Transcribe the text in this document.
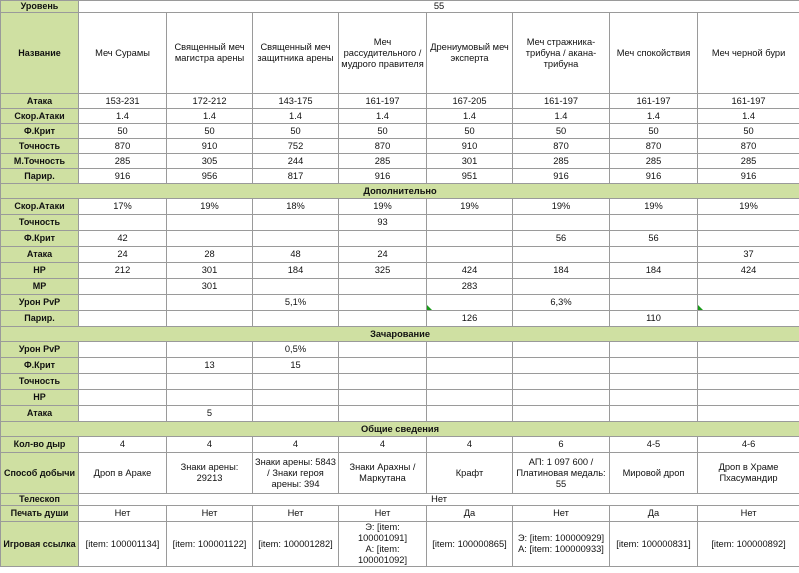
Уровень	55							
Название	Меч Сурамы	Священный меч магистра арены	Священный меч защитника арены	Меч рассудительного / мудрого правителя	Дрениумовый меч эксперта	Меч стражника-трибуна / акана-трибуна	Меч спокойствия	Меч черной бури
Атака	153-231	172-212	143-175	161-197	167-205	161-197	161-197	161-197
Скор.Атаки	1.4	1.4	1.4	1.4	1.4	1.4	1.4	1.4
Ф.Крит	50	50	50	50	50	50	50	50
Точность	870	910	752	870	910	870	870	870
М.Точность	285	305	244	285	301	285	285	285
Парир.	916	956	817	916	951	916	916	916
Дополнительно								
Скор.Атаки	17%	19%	18%	19%	19%	19%	19%	19%
Точность				93				
Ф.Крит	42					56	56	
Атака	24	28	48	24				37
HP	212	301	184	325	424	184	184	424
MP		301			283			
Урон PvP			5,1%			6,3%		

Парир.					126		110	
Зачарование								
Урон PvP			0,5%					
Ф.Крит		13	15					
Точность								
HP								
Атака		5						
Общие сведения								
Кол-во дыр	4	4	4	4	4	6	4-5	4-6
Способ добычи	Дроп в Араке	Знаки арены: 29213	Знаки арены: 5843 / Знаки героя арены: 394	Знаки Арахны / Маркутана	Крафт	АП: 1 097 600 / Платиновая медаль: 55	Мировой дроп	Дроп в Храме Пхасумандир
Телескоп	Нет							
Печать души	Нет	Нет	Нет	Нет	Да	Нет	Да	Нет
Игровая ссылка	[item: 100001134]	[item: 100001122]	[item: 100001282]	Э: [item: 100001091]
А: [item: 100001092]	[item: 100000865]	Э: [item: 100000929]
А: [item: 100000933]	[item: 100000831]	[item: 100000892]
